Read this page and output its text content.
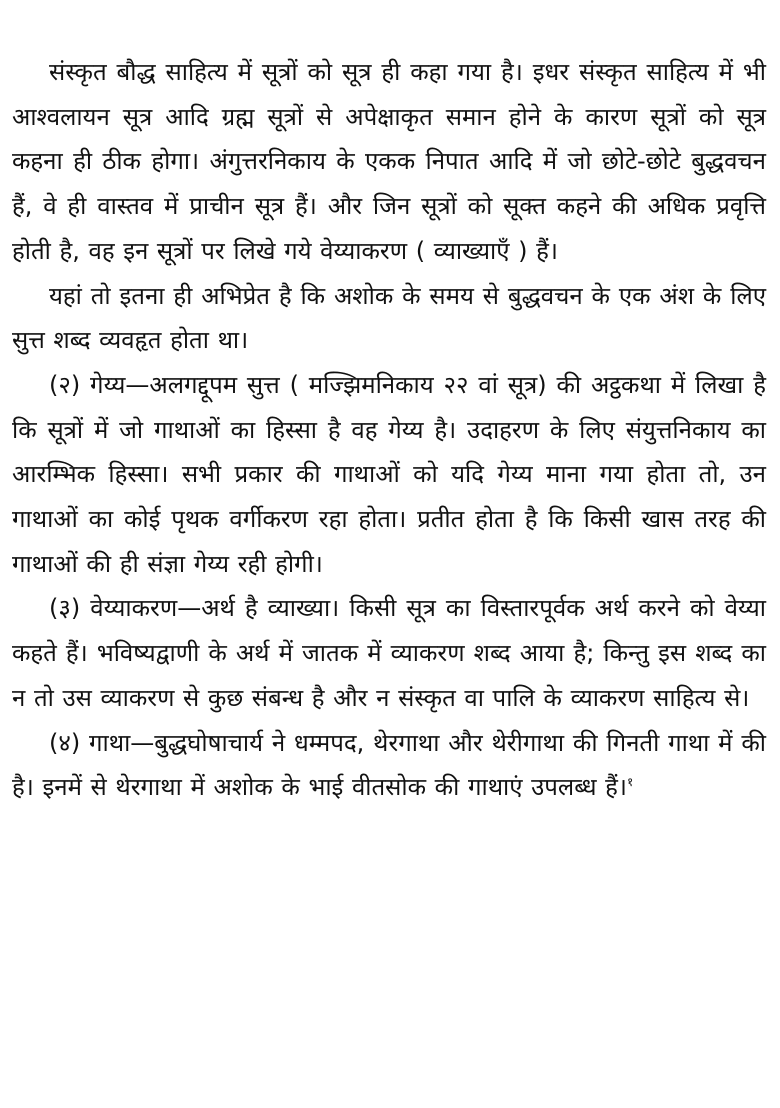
संस्कृत बौद्ध साहित्य में सूत्रों को सूत्र ही कहा गया है। इधर संस्कृत साहित्य में भी आश्वलायन सूत्र आदि ग्रह्म सूत्रों से अपेक्षाकृत समान होने के कारण सूत्रों को सूत्र कहना ही ठीक होगा। अंगुत्तरनिकाय के एकक निपात आदि में जो छोटे-छोटे बुद्धवचन हैं, वे ही वास्तव में प्राचीन सूत्र हैं। और जिन सूत्रों को सूक्त कहने की अधिक प्रवृत्ति होती है, वह इन सूत्रों पर लिखे गये वेय्याकरण ( व्याख्याएँ ) हैं।

यहां तो इतना ही अभिप्रेत है कि अशोक के समय से बुद्धवचन के एक अंश के लिए सुत्त शब्द व्यवहृत होता था।

(२) गेय्य—अलगद्दूपम सुत्त ( मज्झिमनिकाय २२ वां सूत्र) की अट्ठकथा में लिखा है कि सूत्रों में जो गाथाओं का हिस्सा है वह गेय्य है। उदाहरण के लिए संयुत्तनिकाय का आरम्भिक हिस्सा। सभी प्रकार की गाथाओं को यदि गेय्य माना गया होता तो, उन गाथाओं का कोई पृथक वर्गीकरण रहा होता। प्रतीत होता है कि किसी खास तरह की गाथाओं की ही संज्ञा गेय्य रही होगी।

(३) वेय्याकरण—अर्थ है व्याख्या। किसी सूत्र का विस्तारपूर्वक अर्थ करने को वेय्या कहते हैं। भविष्यद्वाणी के अर्थ में जातक में व्याकरण शब्द आया है; किन्तु इस शब्द का न तो उस व्याकरण से कुछ संबन्ध है और न संस्कृत वा पालि के व्याकरण साहित्य से।

(४) गाथा—बुद्धघोषाचार्य ने धम्मपद, थेरगाथा और थेरीगाथा की गिनती गाथा में की है। इनमें से थेरगाथा में अशोक के भाई वीतसोक की गाथाएं उपलब्ध हैं।$^१$
